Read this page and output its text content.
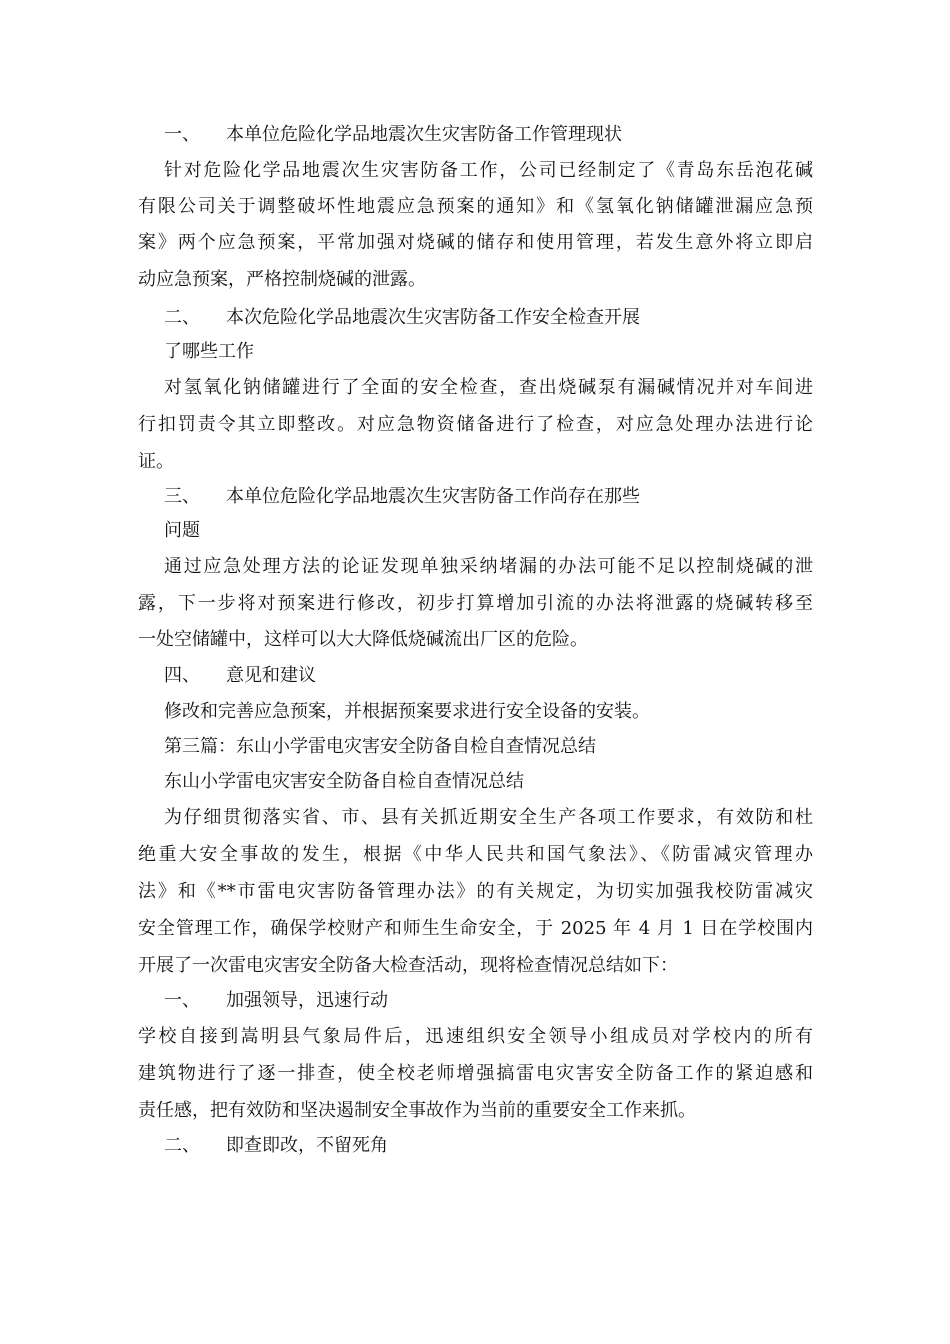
一、 本单位危险化学品地震次生灾害防备工作管理现状

针对危险化学品地震次生灾害防备工作，公司已经制定了《青岛东岳泡花碱

有限公司关于调整破坏性地震应急预案的通知》和《氢氧化钠储罐泄漏应急预

案》两个应急预案，平常加强对烧碱的储存和使用管理，若发生意外将立即启

动应急预案，严格控制烧碱的泄露。

二、 本次危险化学品地震次生灾害防备工作安全检查开展

了哪些工作

对氢氧化钠储罐进行了全面的安全检查，查出烧碱泵有漏碱情况并对车间进

行扣罚责令其立即整改。对应急物资储备进行了检查，对应急处理办法进行论

证。

三、 本单位危险化学品地震次生灾害防备工作尚存在那些

问题

通过应急处理方法的论证发现单独采纳堵漏的办法可能不足以控制烧碱的泄

露，下一步将对预案进行修改，初步打算增加引流的办法将泄露的烧碱转移至

一处空储罐中，这样可以大大降低烧碱流出厂区的危险。

四、 意见和建议

修改和完善应急预案，并根据预案要求进行安全设备的安装。

第三篇：东山小学雷电灾害安全防备自检自查情况总结

东山小学雷电灾害安全防备自检自查情况总结

为仔细贯彻落实省、市、县有关抓近期安全生产各项工作要求，有效防和杜

绝重大安全事故的发生，根据《中华人民共和国气象法》、《防雷减灾管理办

法》和《**市雷电灾害防备管理办法》的有关规定，为切实加强我校防雷减灾

安全管理工作，确保学校财产和师生生命安全，于 2025 年 4 月 1 日在学校围内

开展了一次雷电灾害安全防备大检查活动，现将检查情况总结如下：

一、 加强领导，迅速行动

学校自接到嵩明县气象局件后，迅速组织安全领导小组成员对学校内的所有

建筑物进行了逐一排查，使全校老师增强搞雷电灾害安全防备工作的紧迫感和

责任感，把有效防和坚决遏制安全事故作为当前的重要安全工作来抓。

二、 即查即改，不留死角
